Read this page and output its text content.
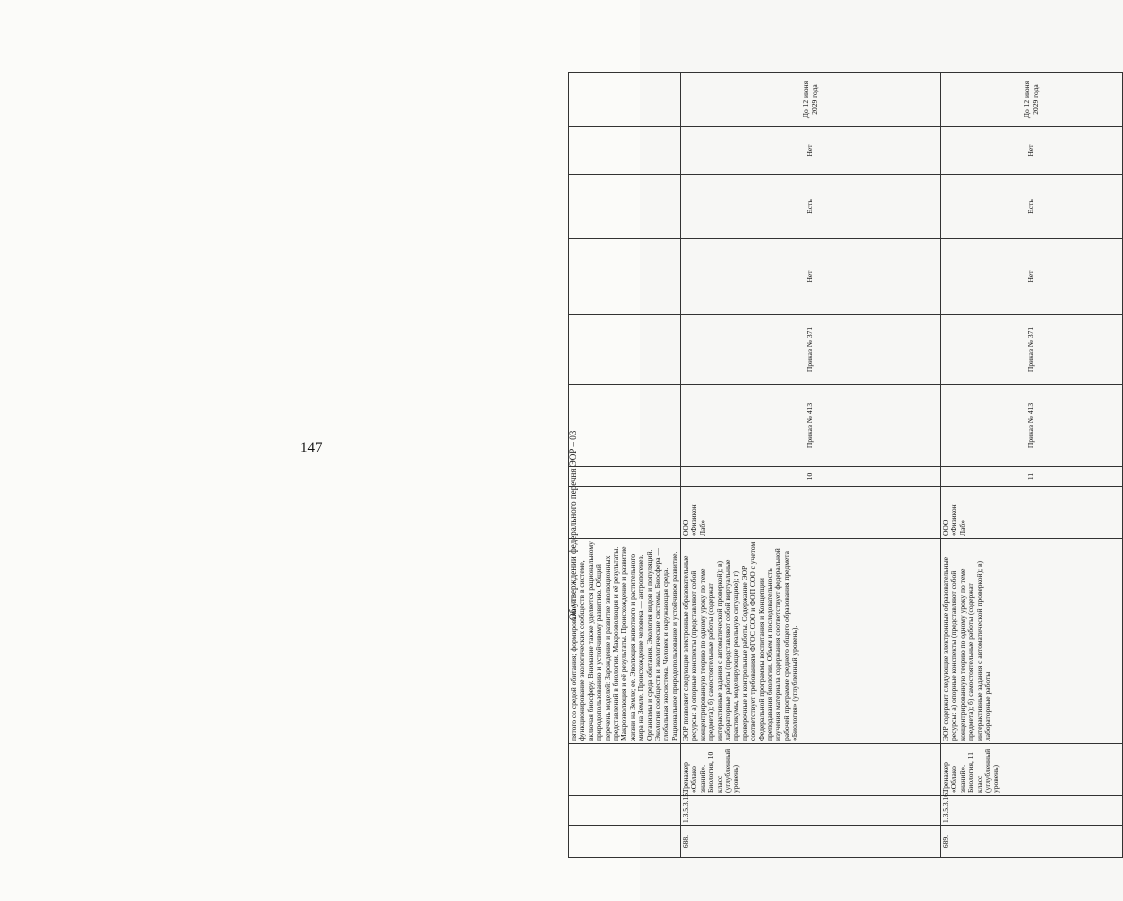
147	Об утверждении федерального перечня ЭОР – 03
			пятого со средой обитания; формирование и функционирование экологических сообществ в системе, включая биосферу. Внимание также уделяется рациональному природопользованию и устойчивому развитию. Общий перечень моделей: Зарождение и развитие эволюционных представлений в биологии. Макроэволюция и её результаты. Макроэволюция и её результаты. Происхождение и развитие жизни на Земле; ее. Эволюция животного и растительного мира на Земле. Происхождение человека — антропогенез. Организмы и среда обитания. Экология видов и популяций. Экология сообществ и экологические системы. Биосфера — глобальная экосистема. Человек и окружающая среда. Рациональное природопользование и устойчивое развитие.								
688.	1.3.5.3.15.	Тренажер «Облако знаний». Биология, 10 класс (углубленный уровень)	ЭОР позволяет следующие электронные образовательные ресурсы: а) опорные конспекты (представляют собой концентрированную теорию по одному уроку по теме предмета); б) самостоятельные работы (содержат интерактивные задания с автоматической проверкой); в) лабораторные работы (представляют собой виртуальные практикумы, моделирующие реальную ситуацию); г) проверочные и контрольные работы. Содержание ЭОР соответствует требованиям ФГОС СОО и ФОП СОО с учетом Федеральной программы воспитания и Концепции преподавания биологии. Объем и последовательность изучения материала содержания соответствует федеральной рабочей программе среднего общего образования предмета «Биология» (углубленный уровень).	ООО «Физикон Лаб»	10	Приказ № 413	Приказ № 371	Нет	Есть	Нет	До 12 июня 2029 года
689.	1.3.5.3.16.	Тренажер «Облако знаний». Биология, 11 класс (углубленный уровень)	ЭОР содержит следующие электронные образовательные ресурсы: а) опорные конспекты (представляют собой концентрированную теорию по одному уроку по теме предмета); б) самостоятельные работы (содержат интерактивные задания с автоматической проверкой); в) лабораторные работы	ООО «Физикон Лаб»	11	Приказ № 413	Приказ № 371	Нет	Есть	Нет	До 12 июня 2029 года
